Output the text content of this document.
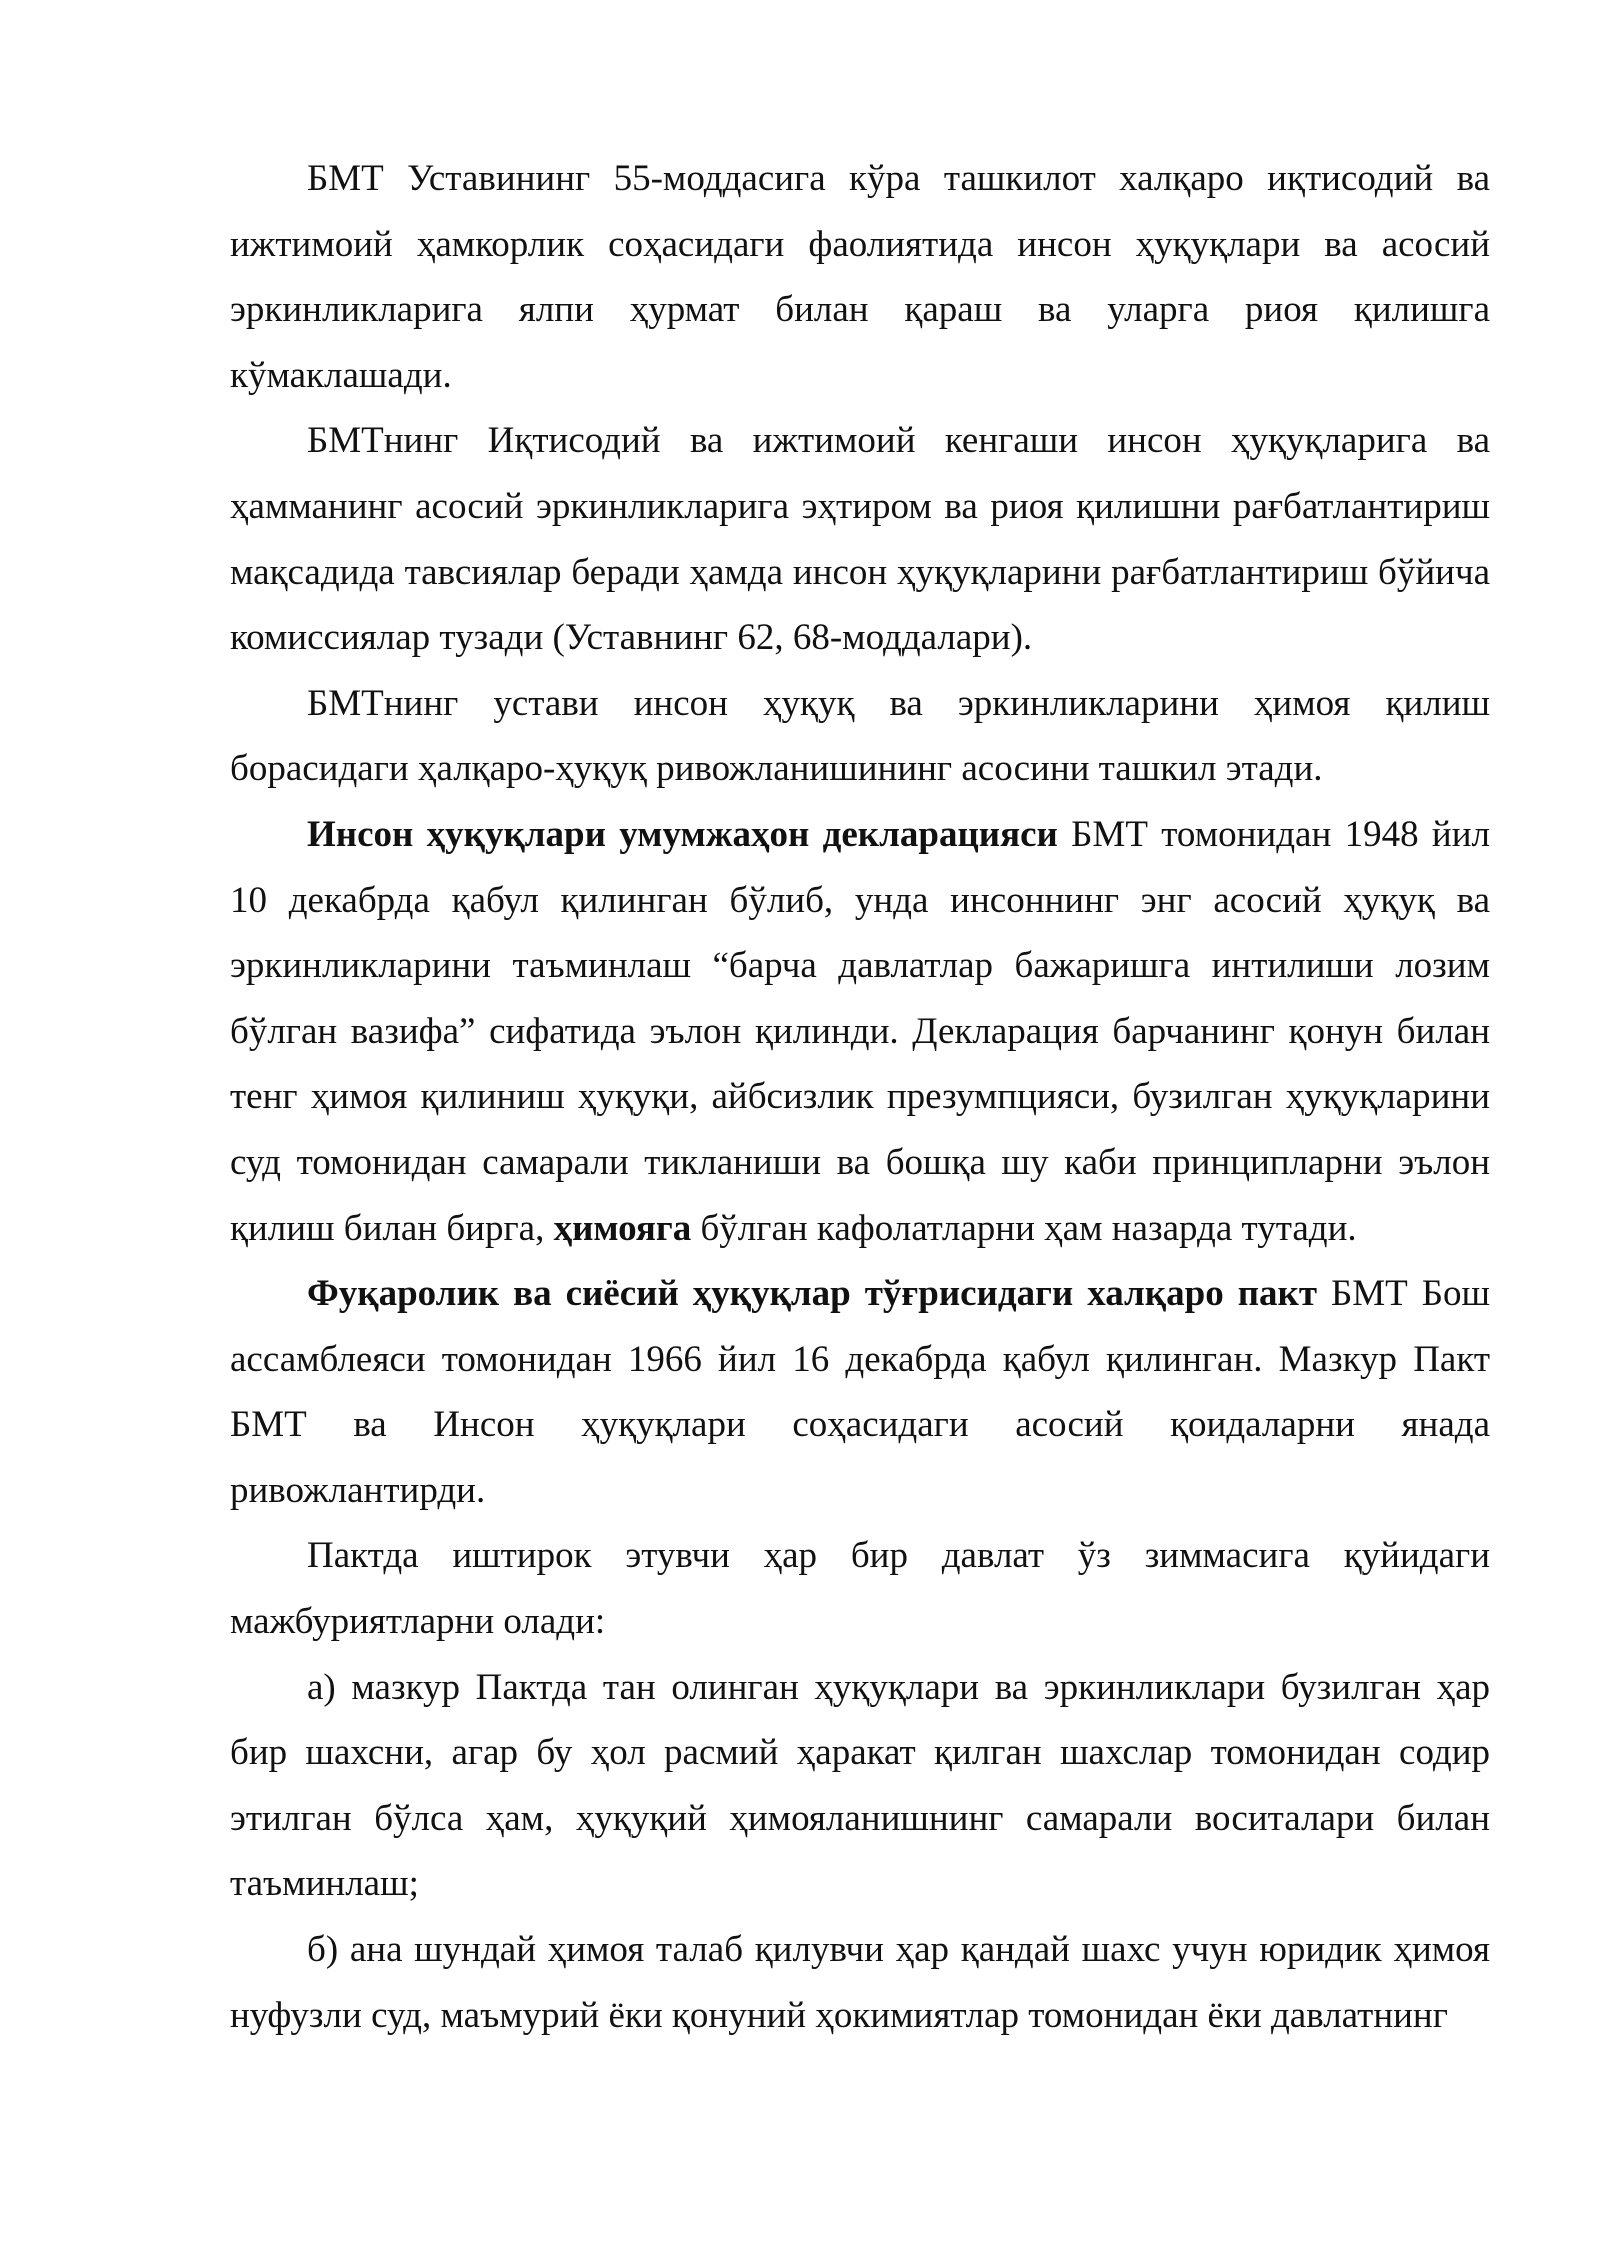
БМТ Уставининг 55-моддасига кўра ташкилот халқаро иқтисодий ва ижтимоий ҳамкорлик соҳасидаги фаолиятида инсон ҳуқуқлари ва асосий эркинликларига ялпи ҳурмат билан қараш ва уларга риоя қилишга кўмаклашади.

БМТнинг Иқтисодий ва ижтимоий кенгаши инсон ҳуқуқларига ва ҳамманинг асосий эркинликларига эҳтиром ва риоя қилишни рағбатлантириш мақсадида тавсиялар беради ҳамда инсон ҳуқуқларини рағбатлантириш бўйича комиссиялар тузади (Уставнинг 62, 68-моддалари).

БМТнинг устави инсон ҳуқуқ ва эркинликларини ҳимоя қилиш борасидаги ҳалқаро-ҳуқуқ ривожланишининг асосини ташкил этади.

Инсон ҳуқуқлари умумжаҳон декларацияси БМТ томонидан 1948 йил 10 декабрда қабул қилинган бўлиб, унда инсоннинг энг асосий ҳуқуқ ва эркинликларини таъминлаш “барча давлатлар бажаришга интилиши лозим бўлган вазифа” сифатида эълон қилинди. Декларация барчанинг қонун билан тенг ҳимоя қилиниш ҳуқуқи, айбсизлик презумпцияси, бузилган ҳуқуқларини суд томонидан самарали тикланиши ва бошқа шу каби принципларни эълон қилиш билан бирга, ҳимояга бўлган кафолатларни ҳам назарда тутади.

Фуқаролик ва сиёсий ҳуқуқлар тўғрисидаги халқаро пакт БМТ Бош ассамблеяси томонидан 1966 йил 16 декабрда қабул қилинган. Мазкур Пакт БМТ ва Инсон ҳуқуқлари соҳасидаги асосий қоидаларни янада ривожлантирди.

Пактда иштирок этувчи ҳар бир давлат ўз зиммасига қуйидаги мажбуриятларни олади:

а) мазкур Пактда тан олинган ҳуқуқлари ва эркинликлари бузилган ҳар бир шахсни, агар бу ҳол расмий ҳаракат қилган шахслар томонидан содир этилган бўлса ҳам, ҳуқуқий ҳимояланишнинг самарали воситалари билан таъминлаш;

б) ана шундай ҳимоя талаб қилувчи ҳар қандай шахс учун юридик ҳимоя нуфузли суд, маъмурий ёки қонуний ҳокимиятлар томонидан ёки давлатнинг
